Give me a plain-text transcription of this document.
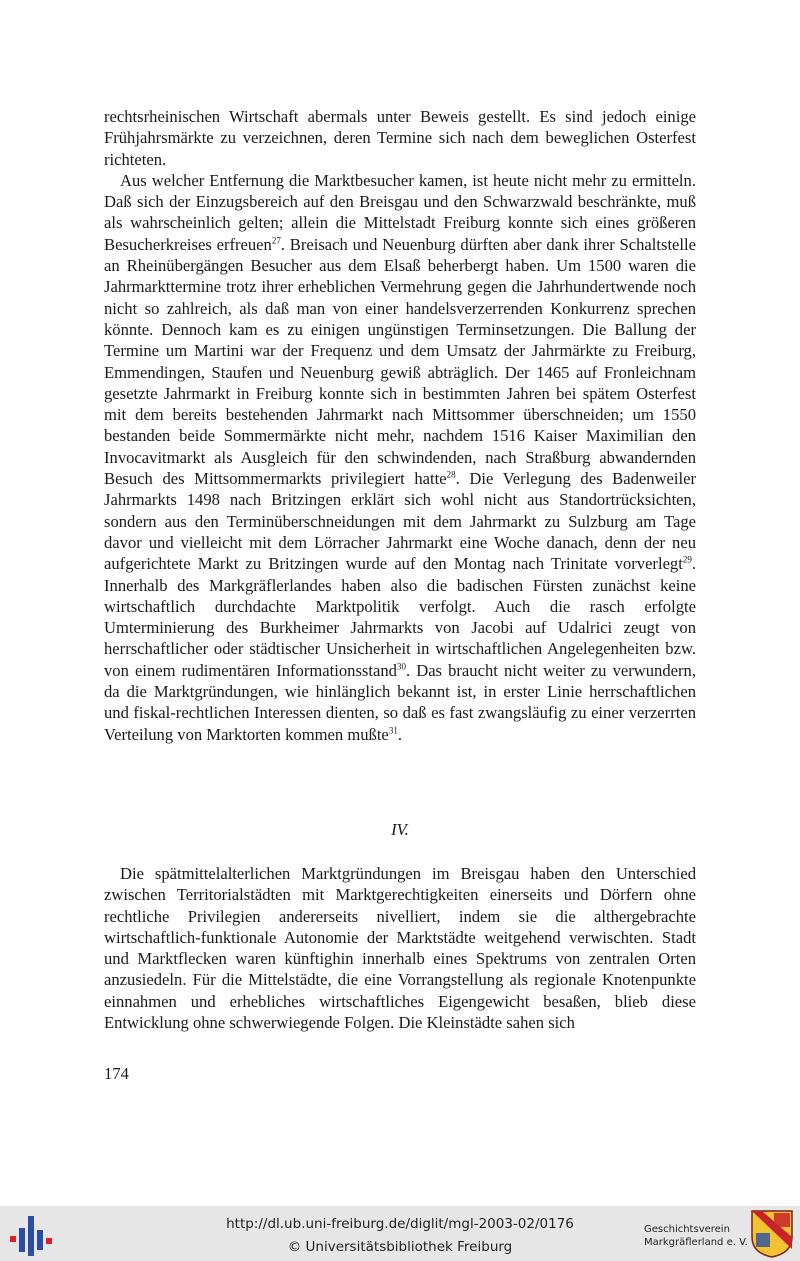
rechtsrheinischen Wirtschaft abermals unter Beweis gestellt. Es sind jedoch einige Frühjahrsmärkte zu verzeichnen, deren Termine sich nach dem beweglichen Osterfest richteten.

Aus welcher Entfernung die Marktbesucher kamen, ist heute nicht mehr zu ermitteln. Daß sich der Einzugsbereich auf den Breisgau und den Schwarzwald beschränkte, muß als wahrscheinlich gelten; allein die Mittelstadt Freiburg konnte sich eines größeren Besucherkreises erfreuen$^{27}$. Breisach und Neuenburg dürften aber dank ihrer Schaltstelle an Rheinübergängen Besucher aus dem Elsaß beherbergt haben. Um 1500 waren die Jahrmarkttermine trotz ihrer erheblichen Vermehrung gegen die Jahrhundertwende noch nicht so zahlreich, als daß man von einer handelsverzerrenden Konkurrenz sprechen könnte. Dennoch kam es zu einigen ungünstigen Terminsetzungen. Die Ballung der Termine um Martini war der Frequenz und dem Umsatz der Jahrmärkte zu Freiburg, Emmendingen, Staufen und Neuenburg gewiß abträglich. Der 1465 auf Fronleichnam gesetzte Jahrmarkt in Freiburg konnte sich in bestimmten Jahren bei spätem Osterfest mit dem bereits bestehenden Jahrmarkt nach Mittsommer überschneiden; um 1550 bestanden beide Sommermärkte nicht mehr, nachdem 1516 Kaiser Maximilian den Invocavitmarkt als Ausgleich für den schwindenden, nach Straßburg abwandernden Besuch des Mittsommermarkts privilegiert hatte$^{28}$. Die Verlegung des Badenweiler Jahrmarkts 1498 nach Britzingen erklärt sich wohl nicht aus Standortrücksichten, sondern aus den Terminüberschneidungen mit dem Jahrmarkt zu Sulzburg am Tage davor und vielleicht mit dem Lörracher Jahrmarkt eine Woche danach, denn der neu aufgerichtete Markt zu Britzingen wurde auf den Montag nach Trinitate vorverlegt$^{29}$. Innerhalb des Markgräflerlandes haben also die badischen Fürsten zunächst keine wirtschaftlich durchdachte Marktpolitik verfolgt. Auch die rasch erfolgte Umterminierung des Burkheimer Jahrmarkts von Jacobi auf Udalrici zeugt von herrschaftlicher oder städtischer Unsicherheit in wirtschaftlichen Angelegenheiten bzw. von einem rudimentären Informationsstand$^{30}$. Das braucht nicht weiter zu verwundern, da die Marktgründungen, wie hinlänglich bekannt ist, in erster Linie herrschaftlichen und fiskal-rechtlichen Interessen dienten, so daß es fast zwangsläufig zu einer verzerrten Verteilung von Marktorten kommen mußte$^{31}$.

IV.

Die spätmittelalterlichen Marktgründungen im Breisgau haben den Unterschied zwischen Territorialstädten mit Marktgerechtigkeiten einerseits und Dörfern ohne rechtliche Privilegien andererseits nivelliert, indem sie die althergebrachte wirtschaftlich-funktionale Autonomie der Marktstädte weitgehend verwischten. Stadt und Marktflecken waren künftighin innerhalb eines Spektrums von zentralen Orten anzusiedeln. Für die Mittelstädte, die eine Vorrangstellung als regionale Knotenpunkte einnahmen und erhebliches wirtschaftliches Eigengewicht besaßen, blieb diese Entwicklung ohne schwerwiegende Folgen. Die Kleinstädte sahen sich

174
http://dl.ub.uni-freiburg.de/diglit/mgl-2003-02/0176
© Universitätsbibliothek Freiburg
Geschichtsverein
Markgräflerland e. V.
